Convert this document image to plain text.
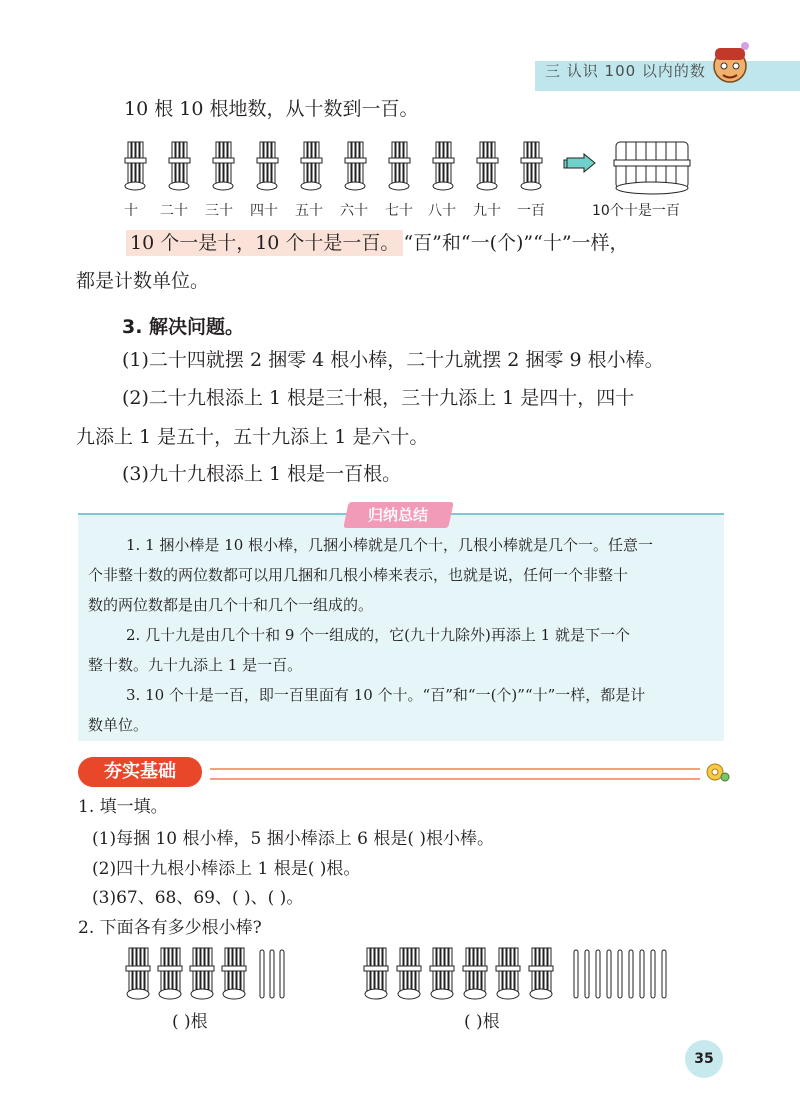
三 认识 100 以内的数
10 根 10 根地数，从十数到一百。
十 二十 三十 四十 五十 六十 七十 八十 九十 一百	10个十是一百
10 个一是十，10 个十是一百。 “百”和“一(个)”“十”一样，
都是计数单位。
3. 解决问题。
(1)二十四就摆 2 捆零 4 根小棒，二十九就摆 2 捆零 9 根小棒。
(2)二十九根添上 1 根是三十根，三十九添上 1 是四十，四十
九添上 1 是五十，五十九添上 1 是六十。
(3)九十九根添上 1 根是一百根。
归纳总结
1. 1 捆小棒是 10 根小棒，几捆小棒就是几个十，几根小棒就是几个一。任意一
个非整十数的两位数都可以用几捆和几根小棒来表示，也就是说，任何一个非整十
数的两位数都是由几个十和几个一组成的。
2. 几十九是由几个十和 9 个一组成的，它(九十九除外)再添上 1 就是下一个
整十数。九十九添上 1 是一百。
3. 10 个十是一百，即一百里面有 10 个十。“百”和“一(个)”“十”一样，都是计
数单位。
夯实基础
1. 填一填。
(1)每捆 10 根小棒，5 捆小棒添上 6 根是( )根小棒。
(2)四十九根小棒添上 1 根是( )根。
(3)67、68、69、( )、( )。
2. 下面各有多少根小棒?
( )根	( )根
35
